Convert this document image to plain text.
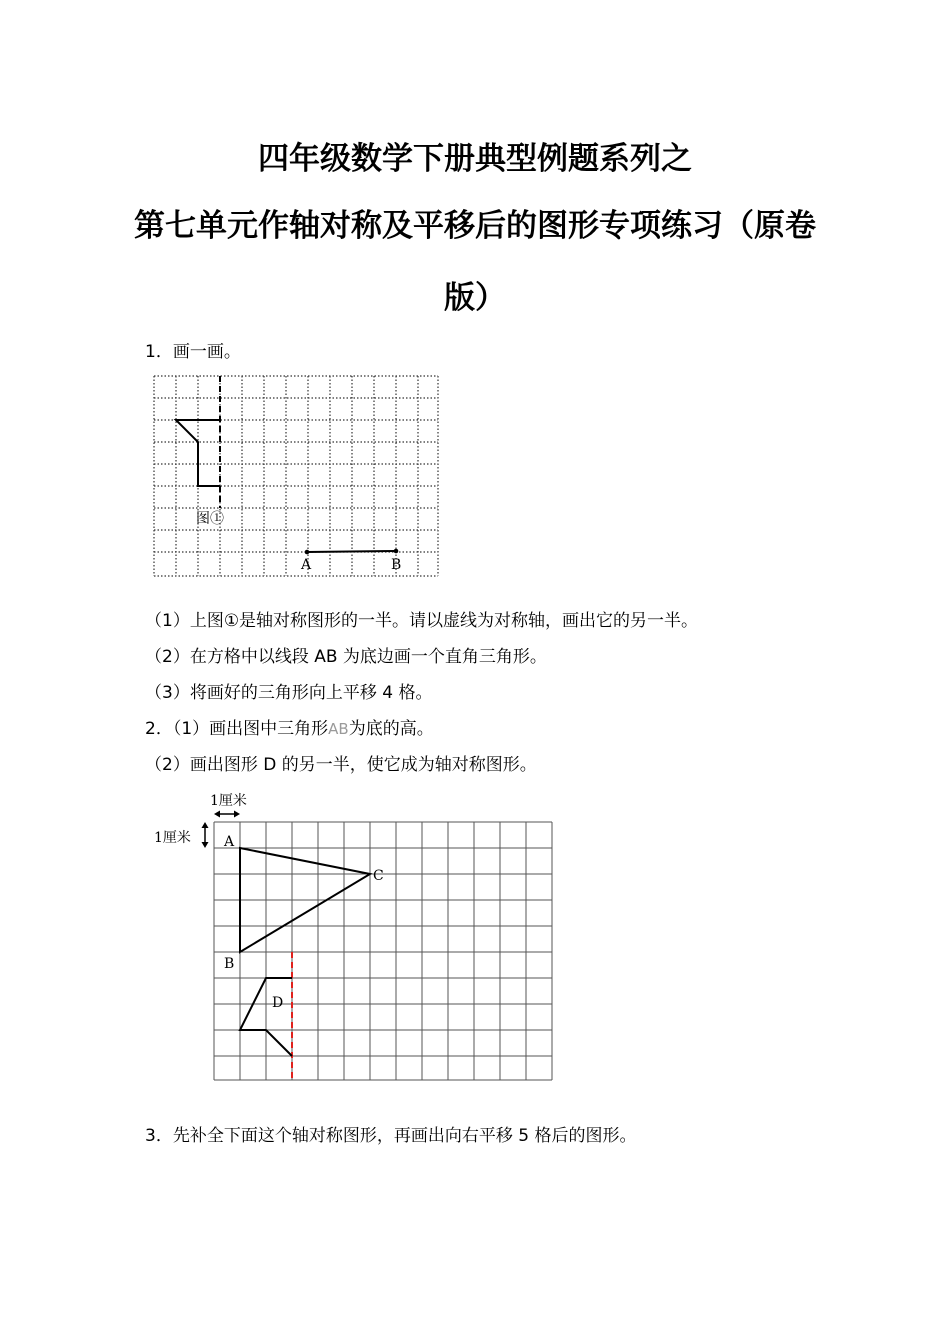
四年级数学下册典型例题系列之
第七单元作轴对称及平移后的图形专项练习（原卷
版）
1．画一画。
图①
A	B
（1）上图①是轴对称图形的一半。请以虚线为对称轴，画出它的另一半。
（2）在方格中以线段 AB 为底边画一个直角三角形。
（3）将画好的三角形向上平移 4 格。
2．（1）画出图中三角形AB为底的高。
（2）画出图形 D 的另一半，使它成为轴对称图形。
1厘米
1厘米 A
B
C
D
3．先补全下面这个轴对称图形，再画出向右平移 5 格后的图形。
